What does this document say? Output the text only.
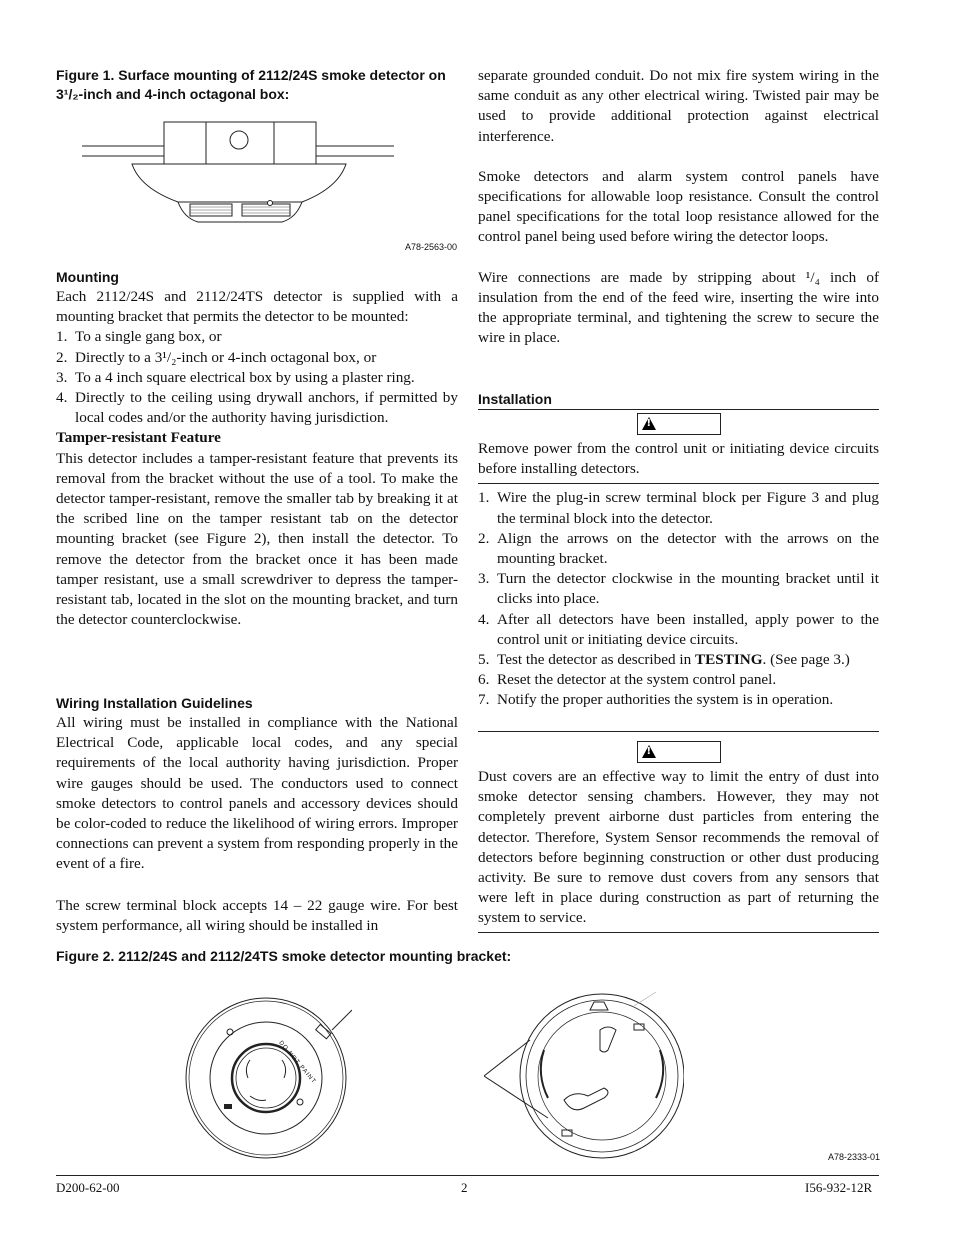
Figure 1. Surface mounting of 2112/24S smoke detector on 3¹/₂-inch and 4-inch octagonal box:
A78-2563-00
Mounting

Each 2112/24S and 2112/24TS detector is supplied with a mounting bracket that permits the detector to be mounted:

1. To a single gang box, or
2. Directly to a 3¹/₂-inch or 4-inch octagonal box, or
3. To a 4 inch square electrical box by using a plaster ring.
4. Directly to the ceiling using drywall anchors, if permitted by local codes and/or the authority having jurisdiction.
Tamper-resistant Feature

This detector includes a tamper-resistant feature that prevents its removal from the bracket without the use of a tool. To make the detector tamper-resistant, remove the smaller tab by breaking it at the scribed line on the tamper resistant tab on the detector mounting bracket (see Figure 2), then install the detector. To remove the detector from the bracket once it has been made tamper resistant, use a small screwdriver to depress the tamper-resistant tab, located in the slot on the mounting bracket, and turn the detector counterclockwise.

Wiring Installation Guidelines

All wiring must be installed in compliance with the National Electrical Code, applicable local codes, and any special requirements of the local authority having jurisdiction. Proper wire gauges should be used. The conductors used to connect smoke detectors to control panels and accessory devices should be color-coded to reduce the likelihood of wiring errors. Improper connections can prevent a system from responding properly in the event of a fire.

The screw terminal block accepts 14 – 22 gauge wire. For best system performance, all wiring should be installed in

separate grounded conduit. Do not mix fire system wiring in the same conduit as any other electrical wiring. Twisted pair may be used to provide additional protection against electrical interference.

Smoke detectors and alarm system control panels have specifications for allowable loop resistance. Consult the control panel specifications for the total loop resistance allowed for the control panel being used before wiring the detector loops.

Wire connections are made by stripping about ¹/₄ inch of insulation from the end of the feed wire, inserting the wire into the appropriate terminal, and tightening the screw to secure the wire in place.

Installation
!

Remove power from the control unit or initiating device circuits before installing detectors.

1. Wire the plug-in screw terminal block per Figure 3 and plug the terminal block into the detector.
2. Align the arrows on the detector with the arrows on the mounting bracket.
3. Turn the detector clockwise in the mounting bracket until it clicks into place.
4. After all detectors have been installed, apply power to the control unit or initiating device circuits.
5. Test the detector as described in TESTING. (See page 3.)
6. Reset the detector at the system control panel.
7. Notify the proper authorities the system is in operation.
!

Dust covers are an effective way to limit the entry of dust into smoke detector sensing chambers. However, they may not completely prevent airborne dust particles from entering the detector. Therefore, System Sensor recommends the removal of detectors before beginning construction or other dust producing activity. Be sure to remove dust covers from any sensors that were left in place during construction as part of returning the system to service.

Figure 2. 2112/24S and 2112/24TS smoke detector mounting bracket:
DO NOT PAINT
A78-2333-01
D200-62-00	2	I56-932-12R
